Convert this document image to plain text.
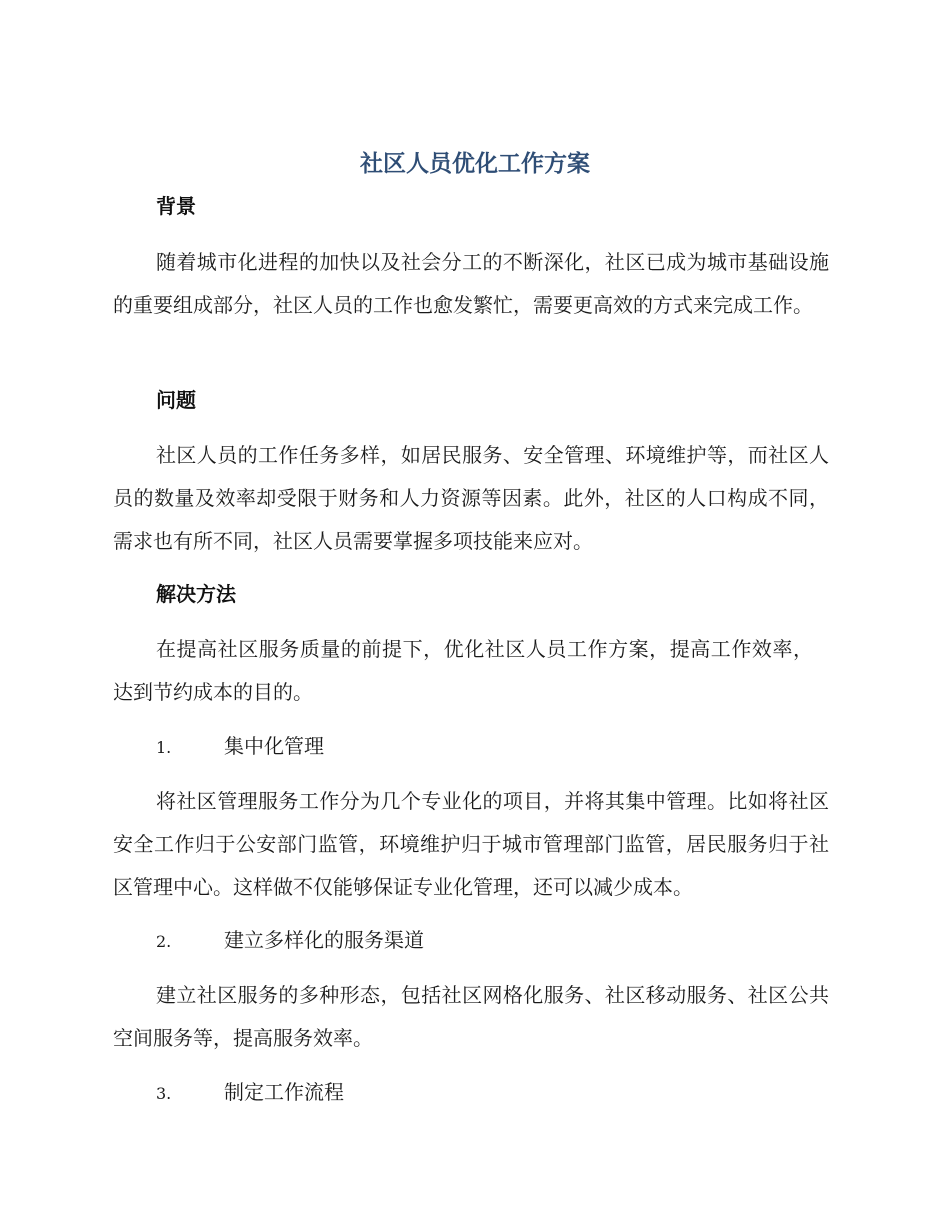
社区人员优化工作方案
背景

随着城市化进程的加快以及社会分工的不断深化，社区已成为城市基础设施的重要组成部分，社区人员的工作也愈发繁忙，需要更高效的方式来完成工作。

问题

社区人员的工作任务多样，如居民服务、安全管理、环境维护等，而社区人员的数量及效率却受限于财务和人力资源等因素。此外，社区的人口构成不同，需求也有所不同，社区人员需要掌握多项技能来应对。

解决方法

在提高社区服务质量的前提下，优化社区人员工作方案，提高工作效率，达到节约成本的目的。

1.	集中化管理

将社区管理服务工作分为几个专业化的项目，并将其集中管理。比如将社区安全工作归于公安部门监管，环境维护归于城市管理部门监管，居民服务归于社区管理中心。这样做不仅能够保证专业化管理，还可以减少成本。

2.	建立多样化的服务渠道

建立社区服务的多种形态，包括社区网格化服务、社区移动服务、社区公共空间服务等，提高服务效率。

3.	制定工作流程
